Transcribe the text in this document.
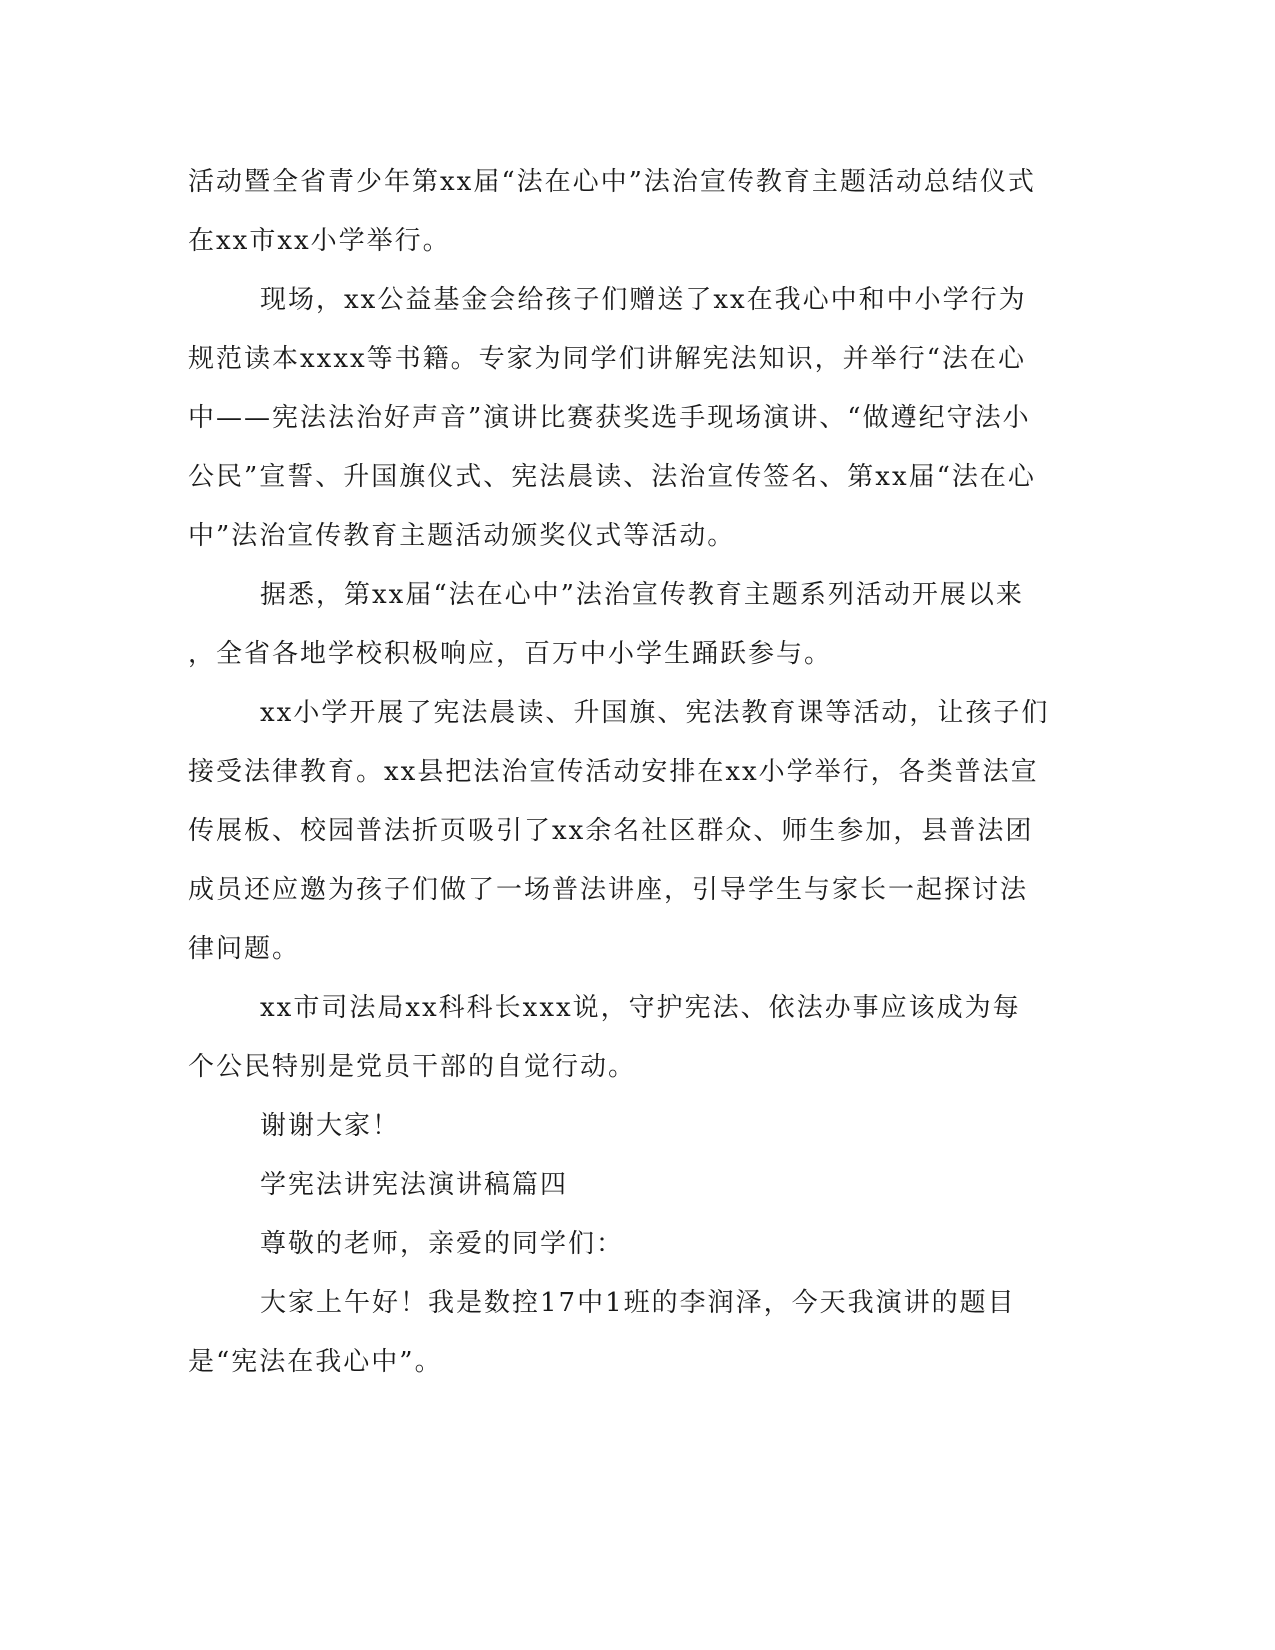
活动暨全省青少年第xx届“法在心中”法治宣传教育主题活动总结仪式

在xx市xx小学举行。

现场，xx公益基金会给孩子们赠送了xx在我心中和中小学行为

规范读本xxxx等书籍。专家为同学们讲解宪法知识，并举行“法在心

中——宪法法治好声音”演讲比赛获奖选手现场演讲、“做遵纪守法小

公民”宣誓、升国旗仪式、宪法晨读、法治宣传签名、第xx届“法在心

中”法治宣传教育主题活动颁奖仪式等活动。

据悉，第xx届“法在心中”法治宣传教育主题系列活动开展以来

，全省各地学校积极响应，百万中小学生踊跃参与。

xx小学开展了宪法晨读、升国旗、宪法教育课等活动，让孩子们

接受法律教育。xx县把法治宣传活动安排在xx小学举行，各类普法宣

传展板、校园普法折页吸引了xx余名社区群众、师生参加，县普法团

成员还应邀为孩子们做了一场普法讲座，引导学生与家长一起探讨法

律问题。

xx市司法局xx科科长xxx说，守护宪法、依法办事应该成为每

个公民特别是党员干部的自觉行动。

谢谢大家！

学宪法讲宪法演讲稿篇四

尊敬的老师，亲爱的同学们：

大家上午好！我是数控17中1班的李润泽，今天我演讲的题目

是“宪法在我心中”。
